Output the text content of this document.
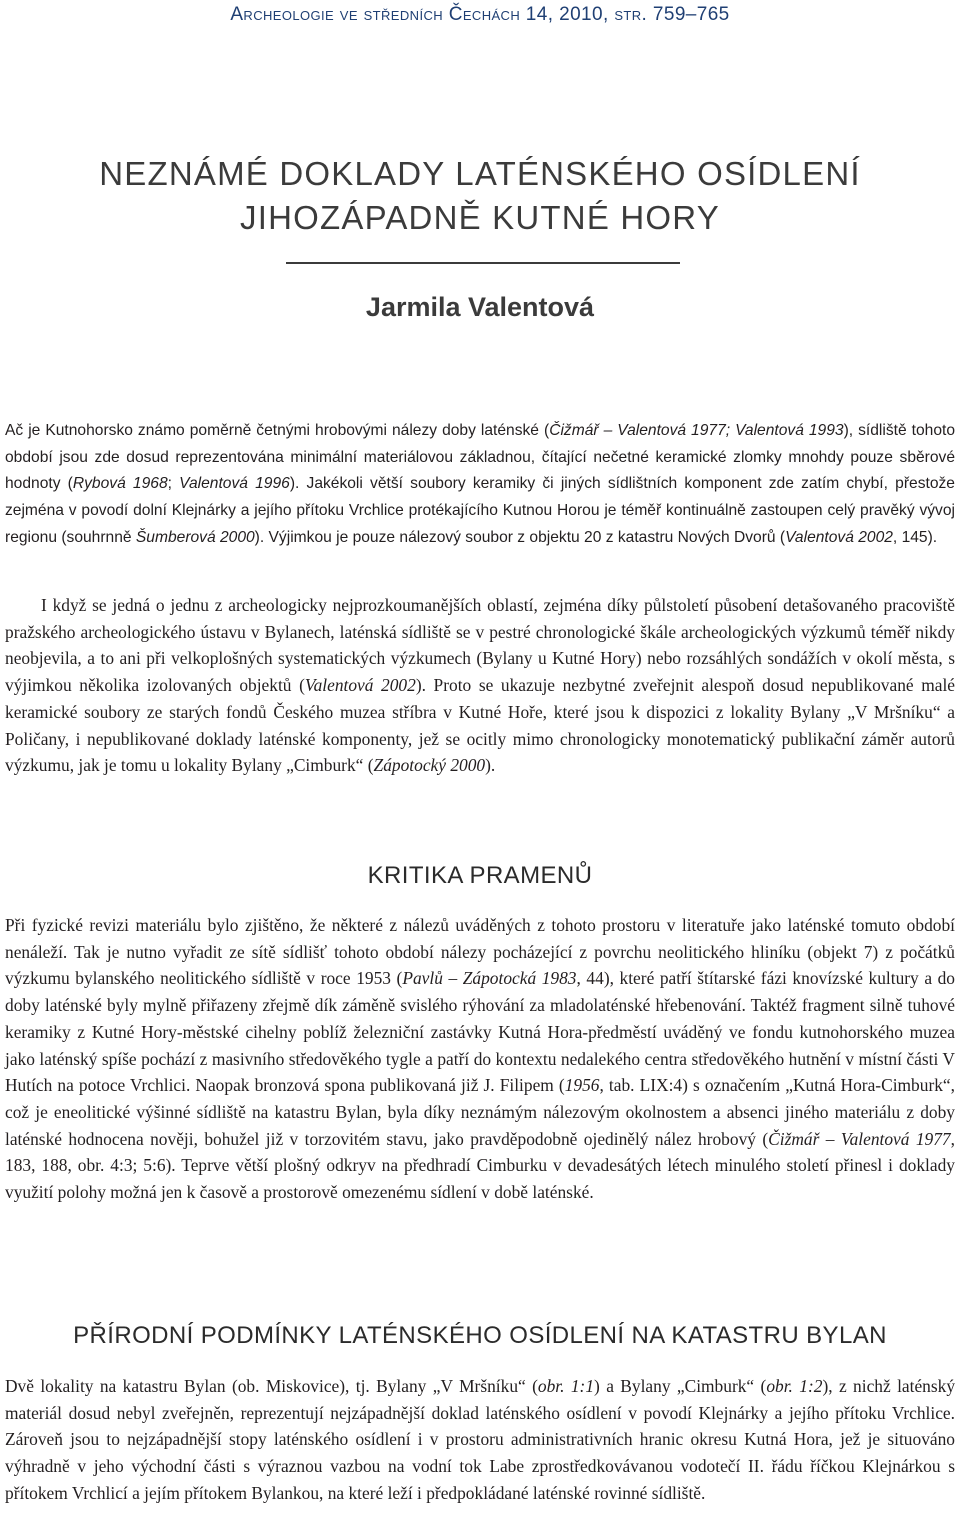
Archeologie ve středních Čechách 14, 2010, str. 759–765
NEZNÁMÉ DOKLADY LATÉNSKÉHO OSÍDLENÍ
JIHOZÁPADNĚ KUTNÉ HORY
Jarmila Valentová

Ač je Kutnohorsko známo poměrně četnými hrobovými nálezy doby laténské (Čižmář – Valentová 1977; Valentová 1993), sídliště tohoto období jsou zde dosud reprezentována minimální materiálovou základnou, čítající nečetné keramické zlomky mnohdy pouze sběrové hodnoty (Rybová 1968; Valentová 1996). Jakékoli větší soubory keramiky či jiných sídlištních komponent zde zatím chybí, přestože zejména v povodí dolní Klejnárky a jejího přítoku Vrchlice protékajícího Kutnou Horou je téměř kontinuálně zastoupen celý pravěký vývoj regionu (souhrnně Šumberová 2000). Výjimkou je pouze nálezový soubor z objektu 20 z katastru Nových Dvorů (Valentová 2002, 145).

I když se jedná o jednu z archeologicky nejprozkoumanějších oblastí, zejména díky půlstoletí působení detašovaného pracoviště pražského archeologického ústavu v Bylanech, laténská sídliště se v pestré chronologické škále archeologických výzkumů téměř nikdy neobjevila, a to ani při velkoplošných systematických výzkumech (Bylany u Kutné Hory) nebo rozsáhlých sondážích v okolí města, s výjimkou několika izolovaných objektů (Valentová 2002). Proto se ukazuje nezbytné zveřejnit alespoň dosud nepublikované malé keramické soubory ze starých fondů Českého muzea stříbra v Kutné Hoře, které jsou k dispozici z lokality Bylany „V Mršníku“ a Poličany, i nepublikované doklady laténské komponenty, jež se ocitly mimo chronologicky monotematický publikační záměr autorů výzkumu, jak je tomu u lokality Bylany „Cimburk“ (Zápotocký 2000).

KRITIKA PRAMENŮ

Při fyzické revizi materiálu bylo zjištěno, že některé z nálezů uváděných z tohoto prostoru v literatuře jako laténské tomuto období nenáleží. Tak je nutno vyřadit ze sítě sídlišť tohoto období nálezy pocházející z povrchu neolitického hliníku (objekt 7) z počátků výzkumu bylanského neolitického sídliště v roce 1953 (Pavlů – Zápotocká 1983, 44), které patří štítarské fázi knovízské kultury a do doby laténské byly mylně přiřazeny zřejmě dík záměně svislého rýhování za mladolaténské hřebenování. Taktéž fragment silně tuhové keramiky z Kutné Hory-městské cihelny poblíž železniční zastávky Kutná Hora-předměstí uváděný ve fondu kutnohorského muzea jako laténský spíše pochází z masivního středověkého tygle a patří do kontextu nedalekého centra středověkého hutnění v místní části V Hutích na potoce Vrchlici. Naopak bronzová spona publikovaná již J. Filipem (1956, tab. LIX:4) s označením „Kutná Hora-Cimburk“, což je eneolitické výšinné sídliště na katastru Bylan, byla díky neznámým nálezovým okolnostem a absenci jiného materiálu z doby laténské hodnocena nověji, bohužel již v torzovitém stavu, jako pravděpodobně ojedinělý nález hrobový (Čižmář – Valentová 1977, 183, 188, obr. 4:3; 5:6). Teprve větší plošný odkryv na předhradí Cimburku v devadesátých létech minulého století přinesl i doklady využití polohy možná jen k časově a prostorově omezenému sídlení v době laténské.

PŘÍRODNÍ PODMÍNKY LATÉNSKÉHO OSÍDLENÍ NA KATASTRU BYLAN

Dvě lokality na katastru Bylan (ob. Miskovice), tj. Bylany „V Mršníku“ (obr. 1:1) a Bylany „Cimburk“ (obr. 1:2), z nichž laténský materiál dosud nebyl zveřejněn, reprezentují nejzápadnější doklad laténského osídlení v povodí Klejnárky a jejího přítoku Vrchlice. Zároveň jsou to nejzápadnější stopy laténského osídlení i v prostoru administrativních hranic okresu Kutná Hora, jež je situováno výhradně v jeho východní části s výraznou vazbou na vodní tok Labe zprostředkovávanou vodotečí II. řádu říčkou Klejnárkou s přítokem Vrchlicí a jejím přítokem Bylankou, na které leží i předpokládané laténské rovinné sídliště.
